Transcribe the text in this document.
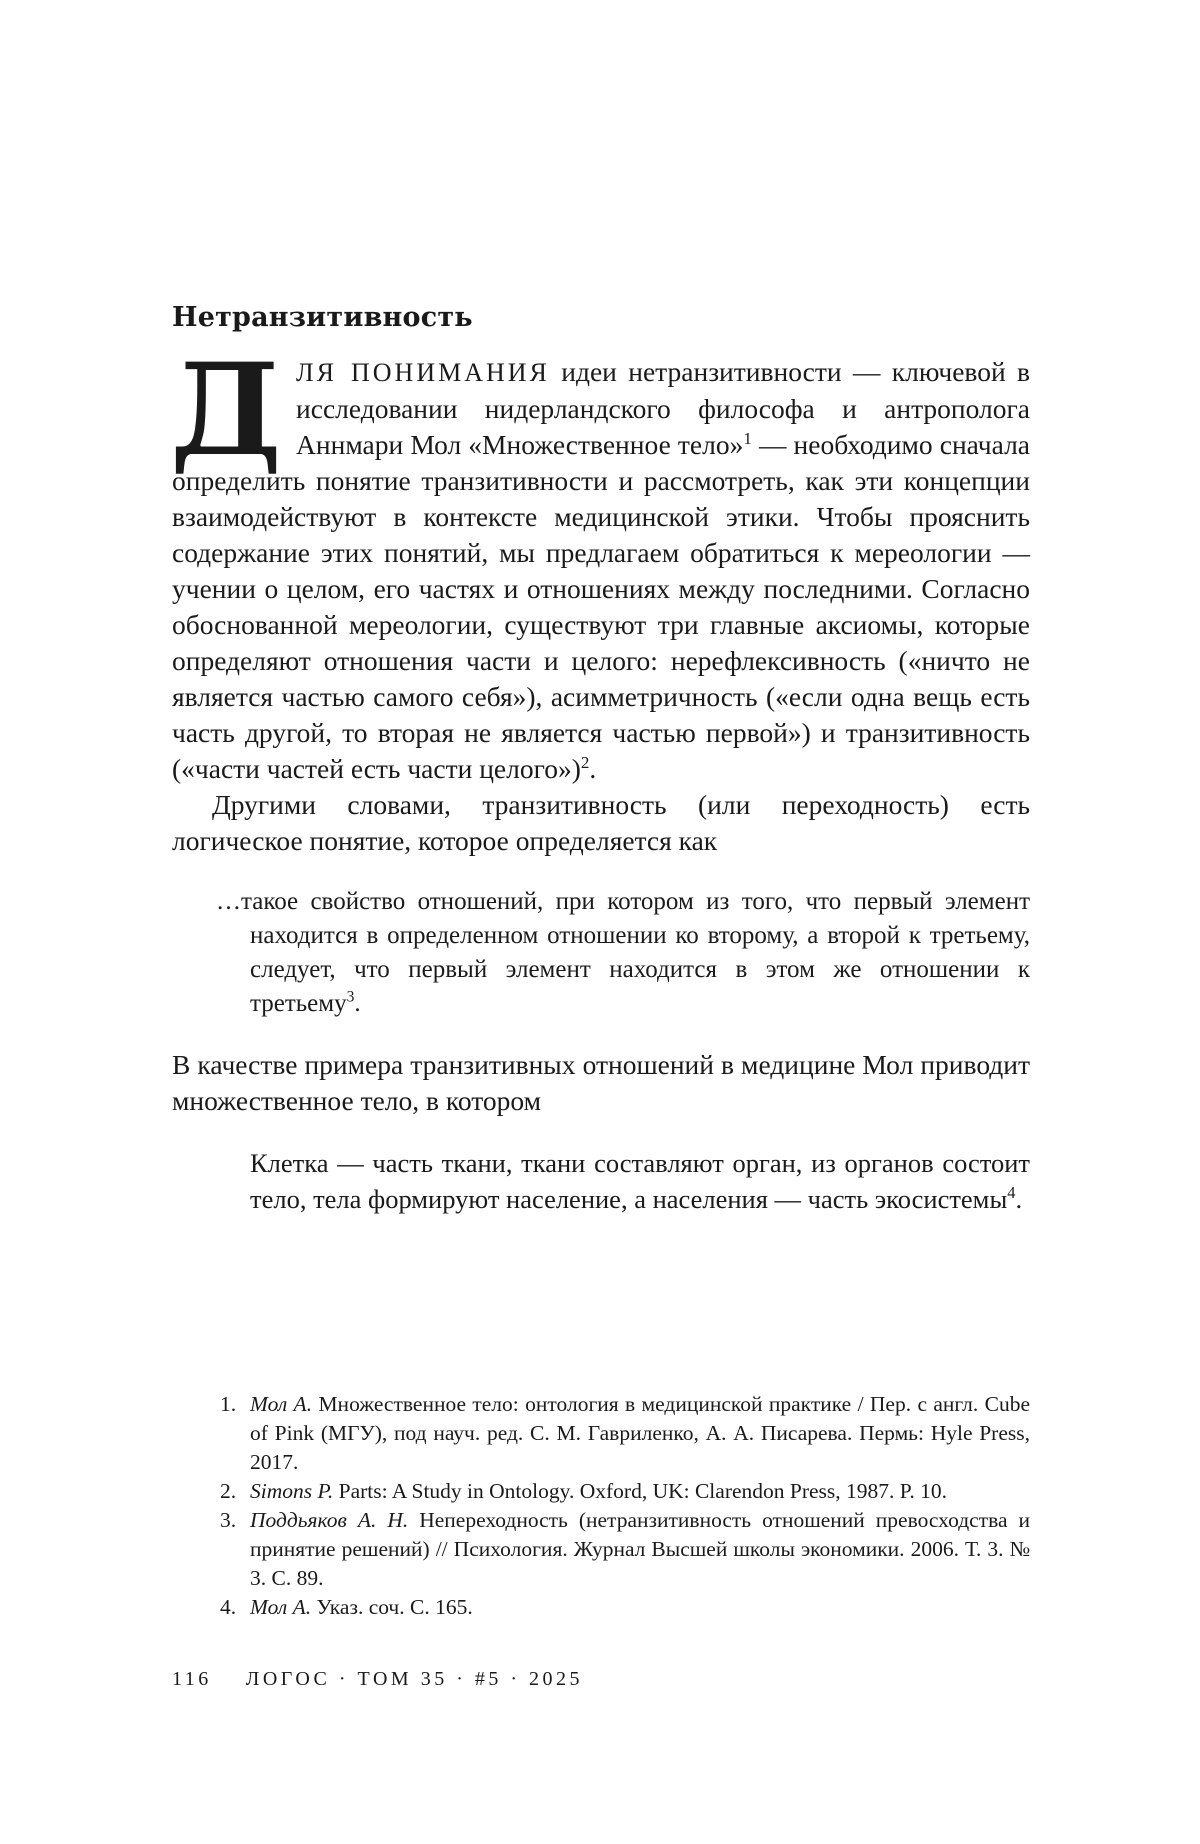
Нетранзитивность

ДЛЯ ПОНИМАНИЯ идеи нетранзитивности — ключевой в исследовании нидерландского философа и антрополога Аннмари Мол «Множественное тело»$^1$ — необходимо сначала определить понятие транзитивности и рассмотреть, как эти концепции взаимодействуют в контексте медицинской этики. Чтобы прояснить содержание этих понятий, мы предлагаем обратиться к мереологии — учении о целом, его частях и отношениях между последними. Согласно обоснованной мереологии, существуют три главные аксиомы, которые определяют отношения части и целого: нерефлексивность («ничто не является частью самого себя»), асимметричность («если одна вещь есть часть другой, то вторая не является частью первой») и транзитивность («части частей есть части целого»)$^2$.

Другими словами, транзитивность (или переходность) есть логическое понятие, которое определяется как

…такое свойство отношений, при котором из того, что первый элемент находится в определенном отношении ко второму, а второй к третьему, следует, что первый элемент находится в этом же отношении к третьему$^3$.

В качестве примера транзитивных отношений в медицине Мол приводит множественное тело, в котором

Клетка — часть ткани, ткани составляют орган, из органов состоит тело, тела формируют население, а населения — часть экосистемы$^4$.

1. Мол А. Множественное тело: онтология в медицинской практике / Пер. с англ. Cube of Pink (МГУ), под науч. ред. С. М. Гавриленко, А. А. Писарева. Пермь: Hyle Press, 2017.

2. Simons P. Parts: A Study in Ontology. Oxford, UK: Clarendon Press, 1987. P. 10.

3. Поддьяков А. Н. Непереходность (нетранзитивность отношений превосходства и принятие решений) // Психология. Журнал Высшей школы экономики. 2006. Т. 3. № 3. С. 89.

4. Мол А. Указ. соч. С. 165.

116 ЛОГОС · ТОМ 35 · #5 · 2025
